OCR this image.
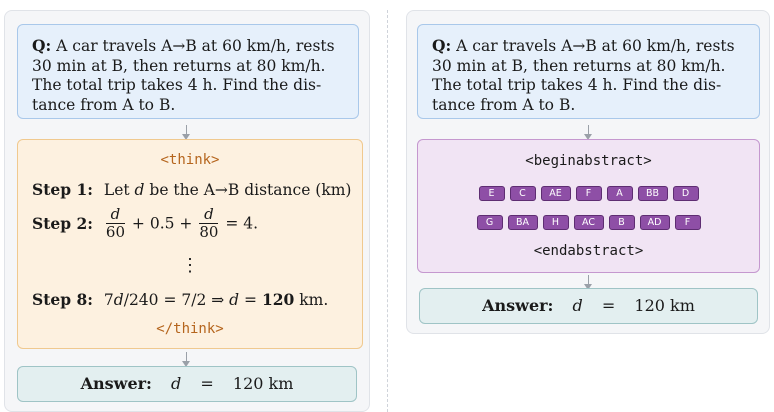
Q: A car travels A→B at 60 km/h, rests
30 min at B, then returns at 80 km/h.
The total trip takes 4 h. Find the dis-
tance from A to B.
<think>
Step 1: Let d be the A→B distance (km)
Step 2: $\frac{d}{60} + 0.5 + \frac{d}{80} = 4$.
⋮
Step 8: 7d/240 = 7/2 ⇒ d = 120 km.
</think>
Answer: d = 120 km
Q: A car travels A→B at 60 km/h, rests
30 min at B, then returns at 80 km/h.
The total trip takes 4 h. Find the dis-
tance from A to B.
<beginabstract>
E	C	AE	F	A	BB	D
G	BA	H	AC	B	AD	F
<endabstract>
Answer: d = 120 km
